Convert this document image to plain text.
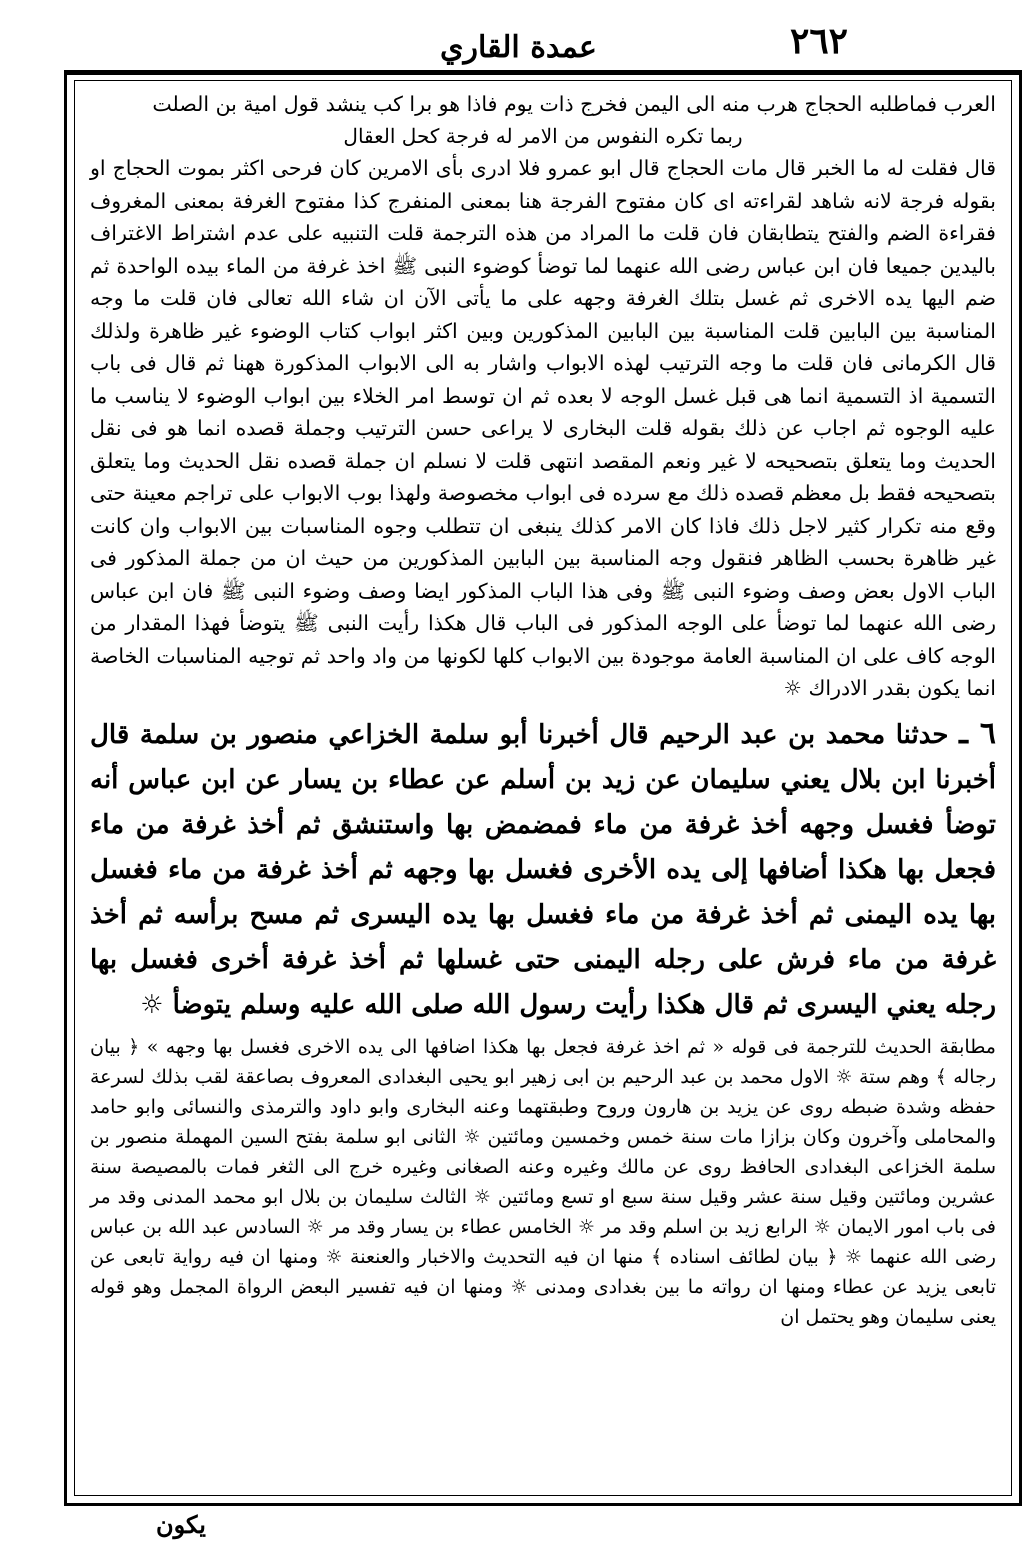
٢٦٢
عمدة القاري

العرب فماطلبه الحجاج هرب منه الى اليمن فخرج ذات يوم فاذا هو برا كب ينشد قول امية بن الصلت

ربما تكره النفوس من الامر له فرجة كحل العقال

قال فقلت له ما الخبر قال مات الحجاج قال ابو عمرو فلا ادرى بأى الامرين كان فرحى اكثر بموت الحجاج او بقوله فرجة لانه شاهد لقراءته اى كان مفتوح الفرجة هنا بمعنى المنفرج كذا مفتوح الغرفة بمعنى المغروف فقراءة الضم والفتح يتطابقان فان قلت ما المراد من هذه الترجمة قلت التنبيه على عدم اشتراط الاغتراف باليدين جميعا فان ابن عباس رضى الله عنهما لما توضأ كوضوء النبى ﷺ اخذ غرفة من الماء بيده الواحدة ثم ضم اليها يده الاخرى ثم غسل بتلك الغرفة وجهه على ما يأتى الآن ان شاء الله تعالى فان قلت ما وجه المناسبة بين البابين قلت المناسبة بين البابين المذكورين وبين اكثر ابواب كتاب الوضوء غير ظاهرة ولذلك قال الكرمانى فان قلت ما وجه الترتيب لهذه الابواب واشار به الى الابواب المذكورة ههنا ثم قال فى باب التسمية اذ التسمية انما هى قبل غسل الوجه لا بعده ثم ان توسط امر الخلاء بين ابواب الوضوء لا يناسب ما عليه الوجوه ثم اجاب عن ذلك بقوله قلت البخارى لا يراعى حسن الترتيب وجملة قصده انما هو فى نقل الحديث وما يتعلق بتصحيحه لا غير ونعم المقصد انتهى قلت لا نسلم ان جملة قصده نقل الحديث وما يتعلق بتصحيحه فقط بل معظم قصده ذلك مع سرده فى ابواب مخصوصة ولهذا بوب الابواب على تراجم معينة حتى وقع منه تكرار كثير لاجل ذلك فاذا كان الامر كذلك ينبغى ان تتطلب وجوه المناسبات بين الابواب وان كانت غير ظاهرة بحسب الظاهر فنقول وجه المناسبة بين البابين المذكورين من حيث ان من جملة المذكور فى الباب الاول بعض وصف وضوء النبى ﷺ وفى هذا الباب المذكور ايضا وصف وضوء النبى ﷺ فان ابن عباس رضى الله عنهما لما توضأ على الوجه المذكور فى الباب قال هكذا رأيت النبى ﷺ يتوضأ فهذا المقدار من الوجه كاف على ان المناسبة العامة موجودة بين الابواب كلها لكونها من واد واحد ثم توجيه المناسبات الخاصة انما يكون بقدر الادراك ☼

٦ ـ حدثنا محمد بن عبد الرحيم قال أخبرنا أبو سلمة الخزاعي منصور بن سلمة قال أخبرنا ابن بلال يعني سليمان عن زيد بن أسلم عن عطاء بن يسار عن ابن عباس أنه توضأ فغسل وجهه أخذ غرفة من ماء فمضمض بها واستنشق ثم أخذ غرفة من ماء فجعل بها هكذا أضافها إلى يده الأخرى فغسل بها وجهه ثم أخذ غرفة من ماء فغسل بها يده اليمنى ثم أخذ غرفة من ماء فغسل بها يده اليسرى ثم مسح برأسه ثم أخذ غرفة من ماء فرش على رجله اليمنى حتى غسلها ثم أخذ غرفة أخرى فغسل بها رجله يعني اليسرى ثم قال هكذا رأيت رسول الله صلى الله عليه وسلم يتوضأ ☼

مطابقة الحديث للترجمة فى قوله « ثم اخذ غرفة فجعل بها هكذا اضافها الى يده الاخرى فغسل بها وجهه » ﴿ بيان رجاله ﴾ وهم ستة ☼ الاول محمد بن عبد الرحيم بن ابى زهير ابو يحيى البغدادى المعروف بصاعقة لقب بذلك لسرعة حفظه وشدة ضبطه روى عن يزيد بن هارون وروح وطبقتهما وعنه البخارى وابو داود والترمذى والنسائى وابو حامد والمحاملى وآخرون وكان بزازا مات سنة خمس وخمسين ومائتين ☼ الثانى ابو سلمة بفتح السين المهملة منصور بن سلمة الخزاعى البغدادى الحافظ روى عن مالك وغيره وعنه الصغانى وغيره خرج الى الثغر فمات بالمصيصة سنة عشرين ومائتين وقيل سنة عشر وقيل سنة سبع او تسع ومائتين ☼ الثالث سليمان بن بلال ابو محمد المدنى وقد مر فى باب امور الايمان ☼ الرابع زيد بن اسلم وقد مر ☼ الخامس عطاء بن يسار وقد مر ☼ السادس عبد الله بن عباس رضى الله عنهما ☼ ﴿ بيان لطائف اسناده ﴾ منها ان فيه التحديث والاخبار والعنعنة ☼ ومنها ان فيه رواية تابعى عن تابعى يزيد عن عطاء ومنها ان رواته ما بين بغدادى ومدنى ☼ ومنها ان فيه تفسير البعض الرواة المجمل وهو قوله يعنى سليمان وهو يحتمل ان

يكون
